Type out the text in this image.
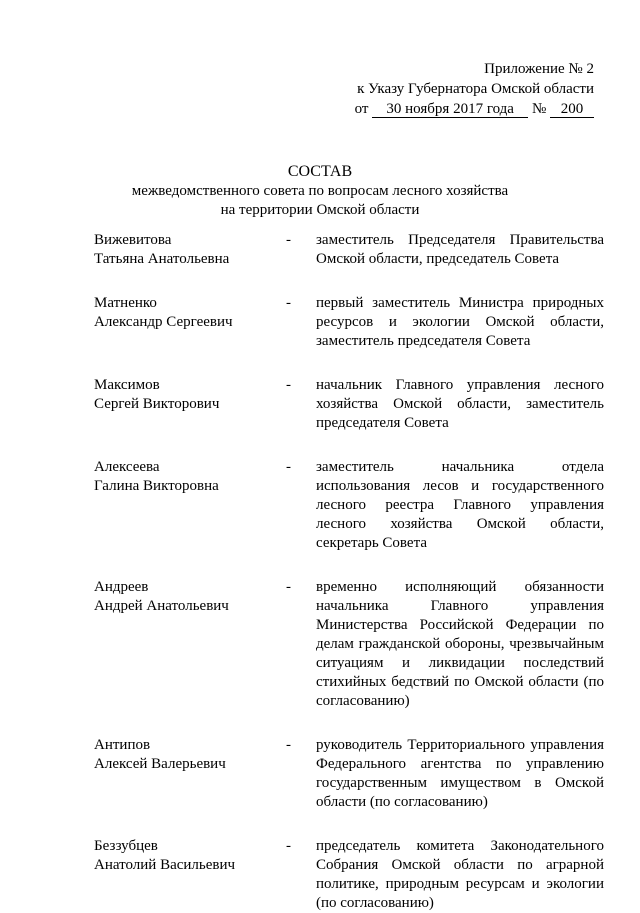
Приложение № 2
к Указу Губернатора Омской области
от 30 ноября 2017 года № 200
СОСТАВ
межведомственного совета по вопросам лесного хозяйства
на территории Омской области
Вижевитова
Татьяна Анатольевна
-	заместитель Председателя Правительства Омской области, председатель Совета
Матненко
Александр Сергеевич
-	первый заместитель Министра природных ресурсов и экологии Омской области, заместитель председателя Совета
Максимов
Сергей Викторович
-	начальник Главного управления лесного хозяйства Омской области, заместитель председателя Совета
Алексеева
Галина Викторовна
-	заместитель начальника отдела использования лесов и государственного лесного реестра Главного управления лесного хозяйства Омской области, секретарь Совета
Андреев
Андрей Анатольевич
-	временно исполняющий обязанности начальника Главного управления Министерства Российской Федерации по делам гражданской обороны, чрезвычайным ситуациям и ликвидации последствий стихийных бедствий по Омской области (по согласованию)
Антипов
Алексей Валерьевич
-	руководитель Территориального управления Федерального агентства по управлению государственным имуществом в Омской области (по согласованию)
Беззубцев
Анатолий Васильевич
-	председатель комитета Законодательного Собрания Омской области по аграрной политике, природным ресурсам и экологии (по согласованию)
